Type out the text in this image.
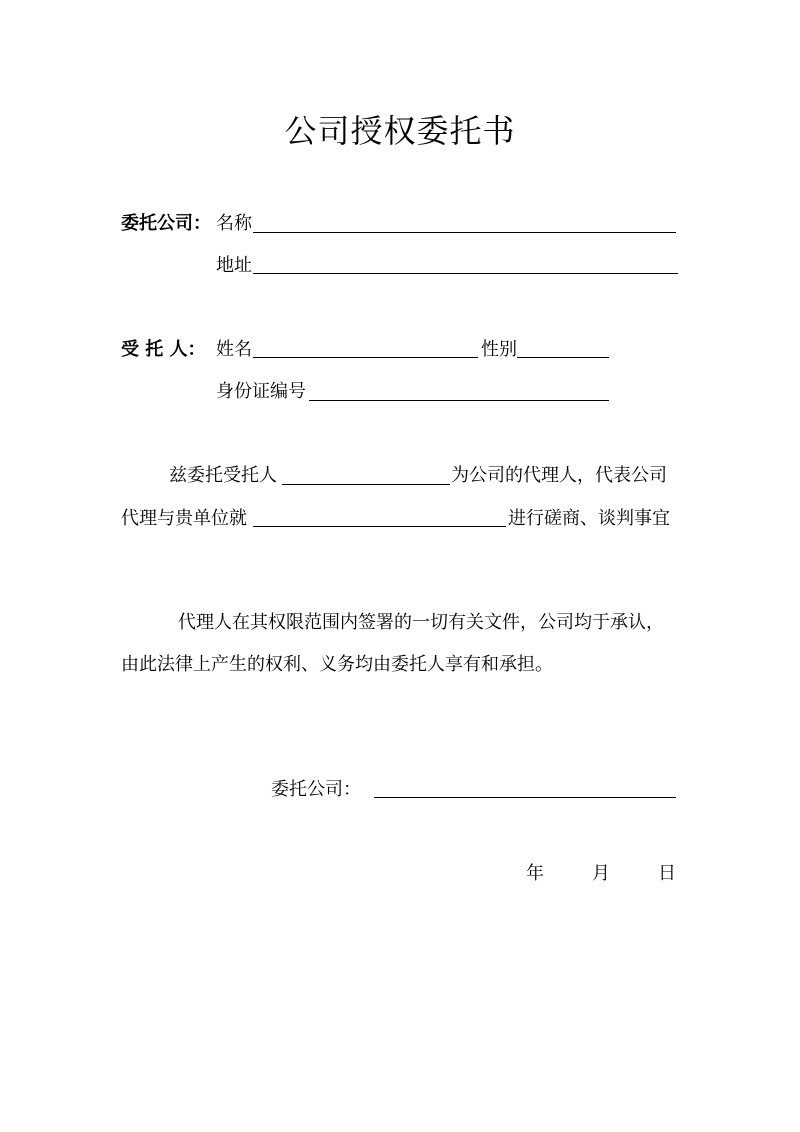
公司授权委托书
委托公司： 名称
地址
受 托 人： 姓名	性别
身份证编号
兹委托受托人	为公司的代理人，代表公司
代理与贵单位就	进行磋商、谈判事宜
代理人在其权限范围内签署的一切有关文件，公司均于承认，
由此法律上产生的权利、义务均由委托人享有和承担。
委托公司：
年	月	日
